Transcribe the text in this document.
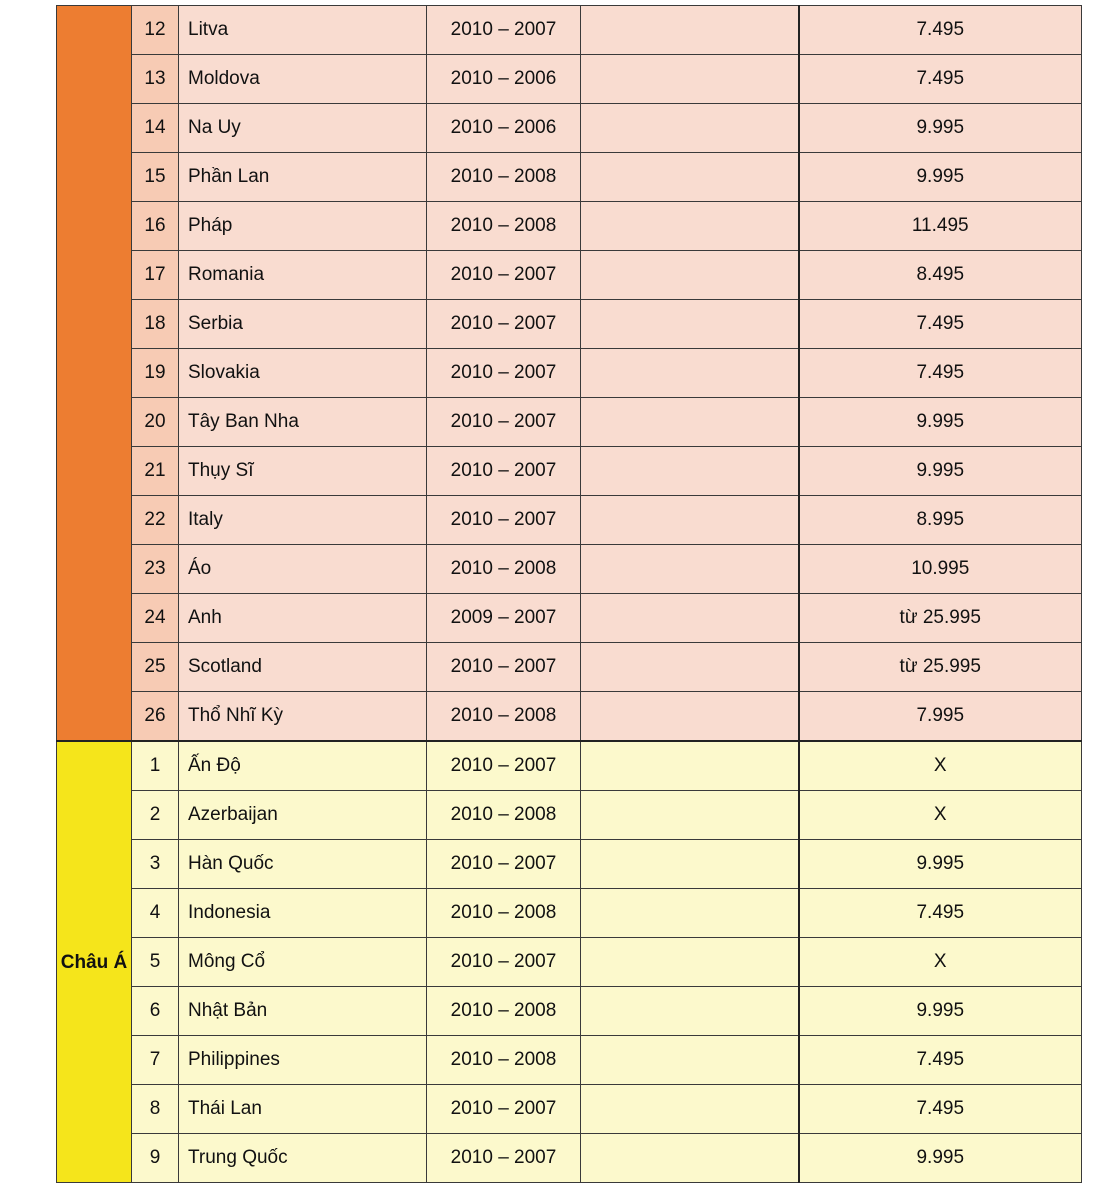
	12	Litva	2010 – 2007		7.495
	13	Moldova	2010 – 2006		7.495
	14	Na Uy	2010 – 2006		9.995
	15	Phần Lan	2010 – 2008		9.995
	16	Pháp	2010 – 2008		11.495
	17	Romania	2010 – 2007		8.495
	18	Serbia	2010 – 2007		7.495
	19	Slovakia	2010 – 2007		7.495
	20	Tây Ban Nha	2010 – 2007		9.995
	21	Thụy Sĩ	2010 – 2007		9.995
	22	Italy	2010 – 2007		8.995
	23	Áo	2010 – 2008		10.995
	24	Anh	2009 – 2007		từ 25.995
	25	Scotland	2010 – 2007		từ 25.995
	26	Thổ Nhĩ Kỳ	2010 – 2008		7.995
Châu Á	1	Ấn Độ	2010 – 2007		X
	2	Azerbaijan	2010 – 2008		X
	3	Hàn Quốc	2010 – 2007		9.995
	4	Indonesia	2010 – 2008		7.495
	5	Mông Cổ	2010 – 2007		X
	6	Nhật Bản	2010 – 2008		9.995
	7	Philippines	2010 – 2008		7.495
	8	Thái Lan	2010 – 2007		7.495
	9	Trung Quốc	2010 – 2007		9.995
